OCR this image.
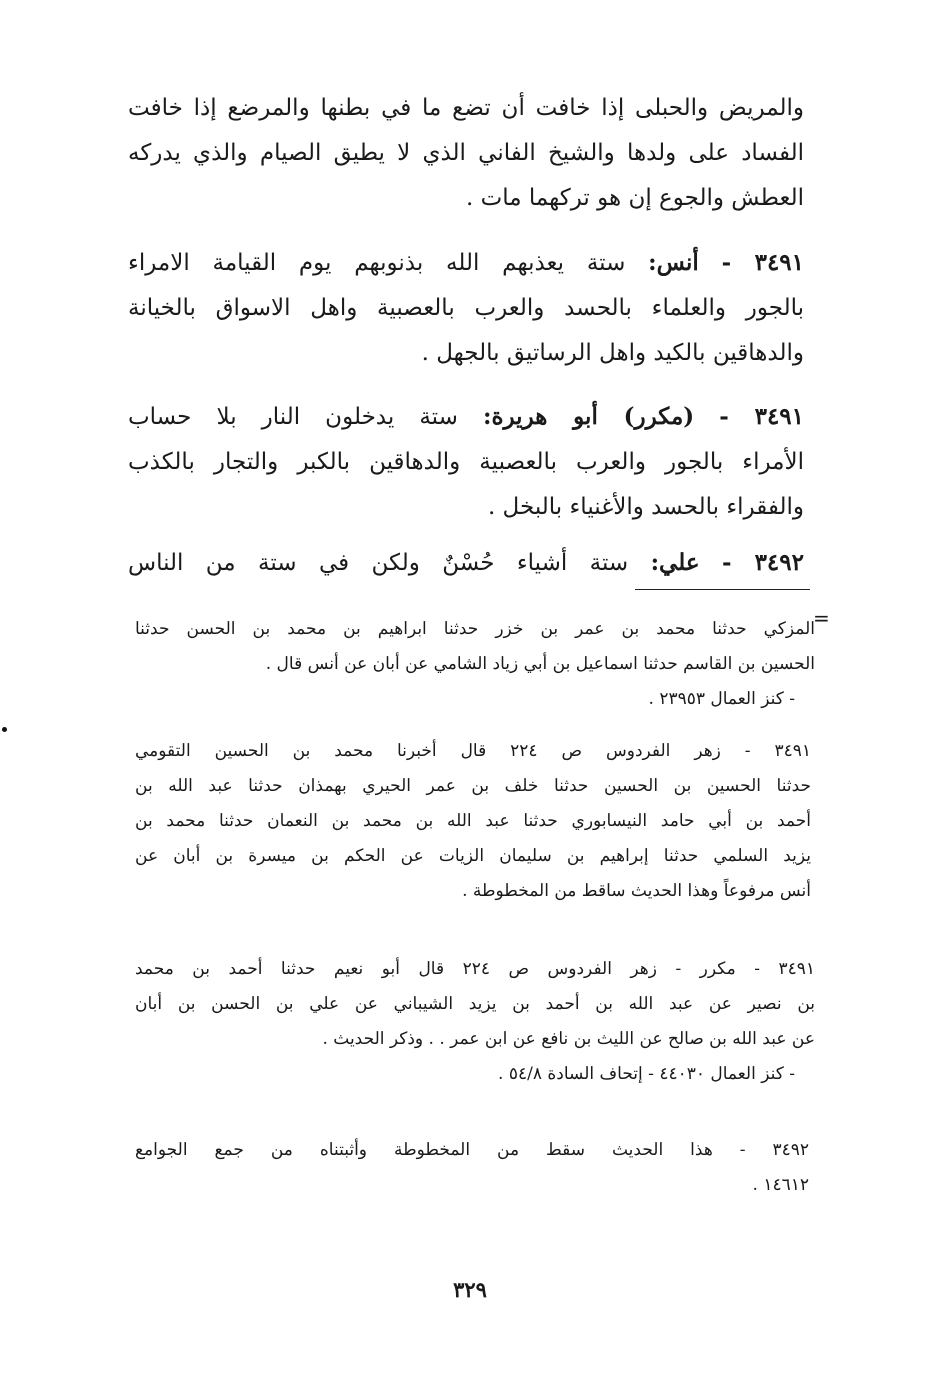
والمريض والحبلى إذا خافت أن تضع ما في بطنها والمرضع إذا خافت
الفساد على ولدها والشيخ الفاني الذي لا يطيق الصيام والذي يدركه
العطش والجوع إن هو تركهما مات .
٣٤٩١ - أنس: ستة يعذبهم الله بذنوبهم يوم القيامة الامراء
بالجور والعلماء بالحسد والعرب بالعصبية واهل الاسواق بالخيانة
والدهاقين بالكيد واهل الرساتيق بالجهل .
٣٤٩١ - (مكرر) أبو هريرة: ستة يدخلون النار بلا حساب
الأمراء بالجور والعرب بالعصبية والدهاقين بالكبر والتجار بالكذب
والفقراء بالحسد والأغنياء بالبخل .
٣٤٩٢ - علي: ستة أشياء حُسْنٌ ولكن في ستة من الناس
=
المزكي حدثنا محمد بن عمر بن خزر حدثنا ابراهيم بن محمد بن الحسن حدثنا
الحسين بن القاسم حدثنا اسماعيل بن أبي زياد الشامي عن أبان عن أنس قال .
- كنز العمال ٢٣٩٥٣ .
٣٤٩١ - زهر الفردوس ص ٢٢٤ قال أخبرنا محمد بن الحسين التقومي
حدثنا الحسين بن الحسين حدثنا خلف بن عمر الحيري بهمذان حدثنا عبد الله بن
أحمد بن أبي حامد النيسابوري حدثنا عبد الله بن محمد بن النعمان حدثنا محمد بن
يزيد السلمي حدثنا إبراهيم بن سليمان الزيات عن الحكم بن ميسرة بن أبان عن
أنس مرفوعاً وهذا الحديث ساقط من المخطوطة .
٣٤٩١ - مكرر - زهر الفردوس ص ٢٢٤ قال أبو نعيم حدثنا أحمد بن محمد
بن نصير عن عبد الله بن أحمد بن يزيد الشيباني عن علي بن الحسن بن أبان
عن عبد الله بن صالح عن الليث بن نافع عن ابن عمر . . وذكر الحديث .
- كنز العمال ٤٤٠٣٠ - إتحاف السادة ٥٤/٨ .
٣٤٩٢ - هذا الحديث سقط من المخطوطة وأثبتناه من جمع الجوامع
١٤٦١٢ .
٣٢٩
